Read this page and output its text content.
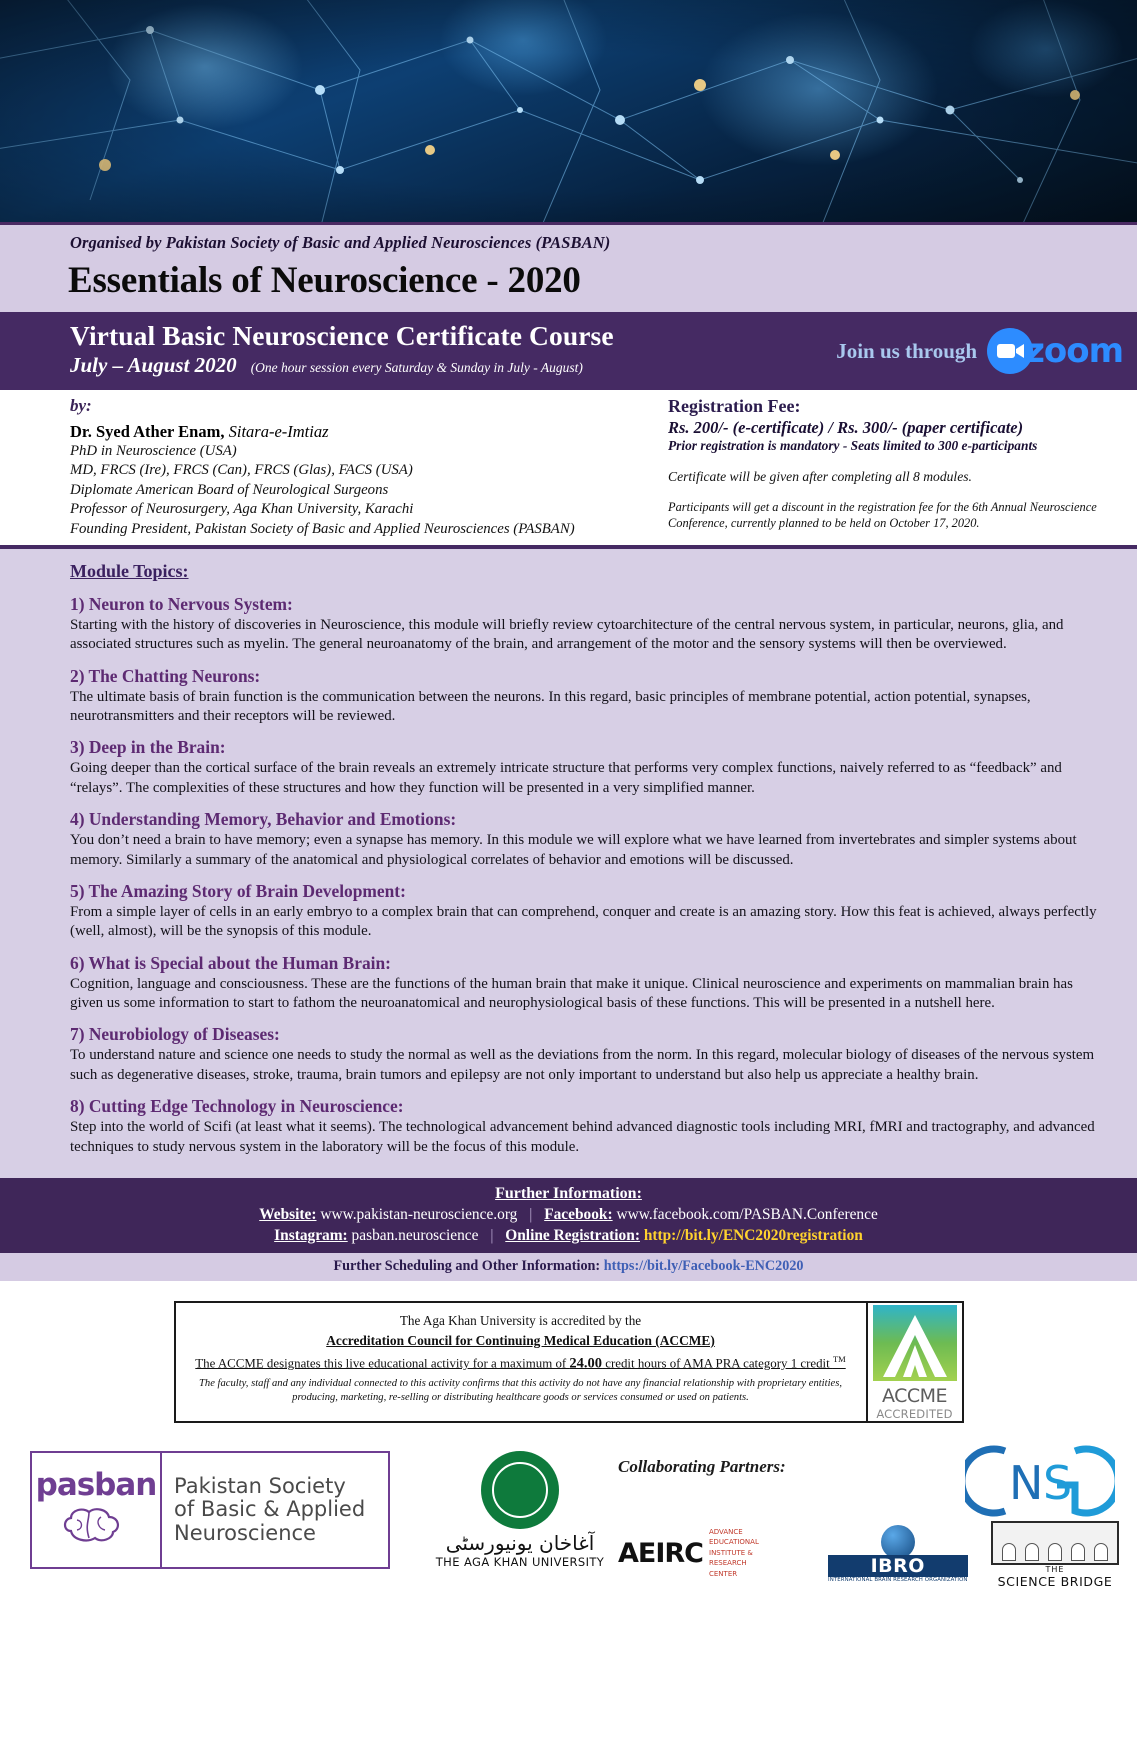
Organised by Pakistan Society of Basic and Applied Neurosciences (PASBAN)
Essentials of Neuroscience - 2020
Virtual Basic Neuroscience Certificate Course
July – August 2020 (One hour session every Saturday & Sunday in July - August)
Join us through zoom
by:
Dr. Syed Ather Enam, Sitara-e-Imtiaz
PhD in Neuroscience (USA)
MD, FRCS (Ire), FRCS (Can), FRCS (Glas), FACS (USA)
Diplomate American Board of Neurological Surgeons
Professor of Neurosurgery, Aga Khan University, Karachi
Founding President, Pakistan Society of Basic and Applied Neurosciences (PASBAN)
Registration Fee:
Rs. 200/- (e-certificate) / Rs. 300/- (paper certificate)
Prior registration is mandatory - Seats limited to 300 e-participants
Certificate will be given after completing all 8 modules.
Participants will get a discount in the registration fee for the 6th Annual Neuroscience Conference, currently planned to be held on October 17, 2020.
Module Topics:
1) Neuron to Nervous System:

Starting with the history of discoveries in Neuroscience, this module will briefly review cytoarchitecture of the central nervous system, in particular, neurons, glia, and associated structures such as myelin. The general neuroanatomy of the brain, and arrangement of the motor and the sensory systems will then be overviewed.

2) The Chatting Neurons:

The ultimate basis of brain function is the communication between the neurons. In this regard, basic principles of membrane potential, action potential, synapses, neurotransmitters and their receptors will be reviewed.

3) Deep in the Brain:

Going deeper than the cortical surface of the brain reveals an extremely intricate structure that performs very complex functions, naively referred to as “feedback” and “relays”. The complexities of these structures and how they function will be presented in a very simplified manner.

4) Understanding Memory, Behavior and Emotions:

You don’t need a brain to have memory; even a synapse has memory. In this module we will explore what we have learned from invertebrates and simpler systems about memory. Similarly a summary of the anatomical and physiological correlates of behavior and emotions will be discussed.

5) The Amazing Story of Brain Development:

From a simple layer of cells in an early embryo to a complex brain that can comprehend, conquer and create is an amazing story. How this feat is achieved, always perfectly (well, almost), will be the synopsis of this module.

6) What is Special about the Human Brain:

Cognition, language and consciousness. These are the functions of the human brain that make it unique. Clinical neuroscience and experiments on mammalian brain has given us some information to start to fathom the neuroanatomical and neurophysiological basis of these functions. This will be presented in a nutshell here.

7) Neurobiology of Diseases:

To understand nature and science one needs to study the normal as well as the deviations from the norm. In this regard, molecular biology of diseases of the nervous system such as degenerative diseases, stroke, trauma, brain tumors and epilepsy are not only important to understand but also help us appreciate a healthy brain.

8) Cutting Edge Technology in Neuroscience:

Step into the world of Scifi (at least what it seems). The technological advancement behind advanced diagnostic tools including MRI, fMRI and tractography, and advanced techniques to study nervous system in the laboratory will be the focus of this module.

Further Information:
Website: www.pakistan-neuroscience.org | Facebook: www.facebook.com/PASBAN.Conference
Instagram: pasban.neuroscience | Online Registration: http://bit.ly/ENC2020registration
Further Scheduling and Other Information: https://bit.ly/Facebook-ENC2020
The Aga Khan University is accredited by the
Accreditation Council for Continuing Medical Education (ACCME)
The ACCME designates this live educational activity for a maximum of 24.00 credit hours of AMA PRA category 1 credit ™
The faculty, staff and any individual connected to this activity confirms that this activity do not have any financial relationship with proprietary entities, producing, marketing, re-selling or distributing healthcare goods or services consumed or used on patients.	ACCME
ACCREDITED
pasban Pakistan Society
of Basic & Applied
Neuroscience	آغاخان یونیورسٹی
THE AGA KHAN UNIVERSITY
Collaborating Partners:
AEIRC
ADVANCE
EDUCATIONAL
INSTITUTE &
RESEARCH
CENTER	IBRO
INTERNATIONAL BRAIN RESEARCH ORGANIZATION
N S
THE
SCIENCE BRIDGE
